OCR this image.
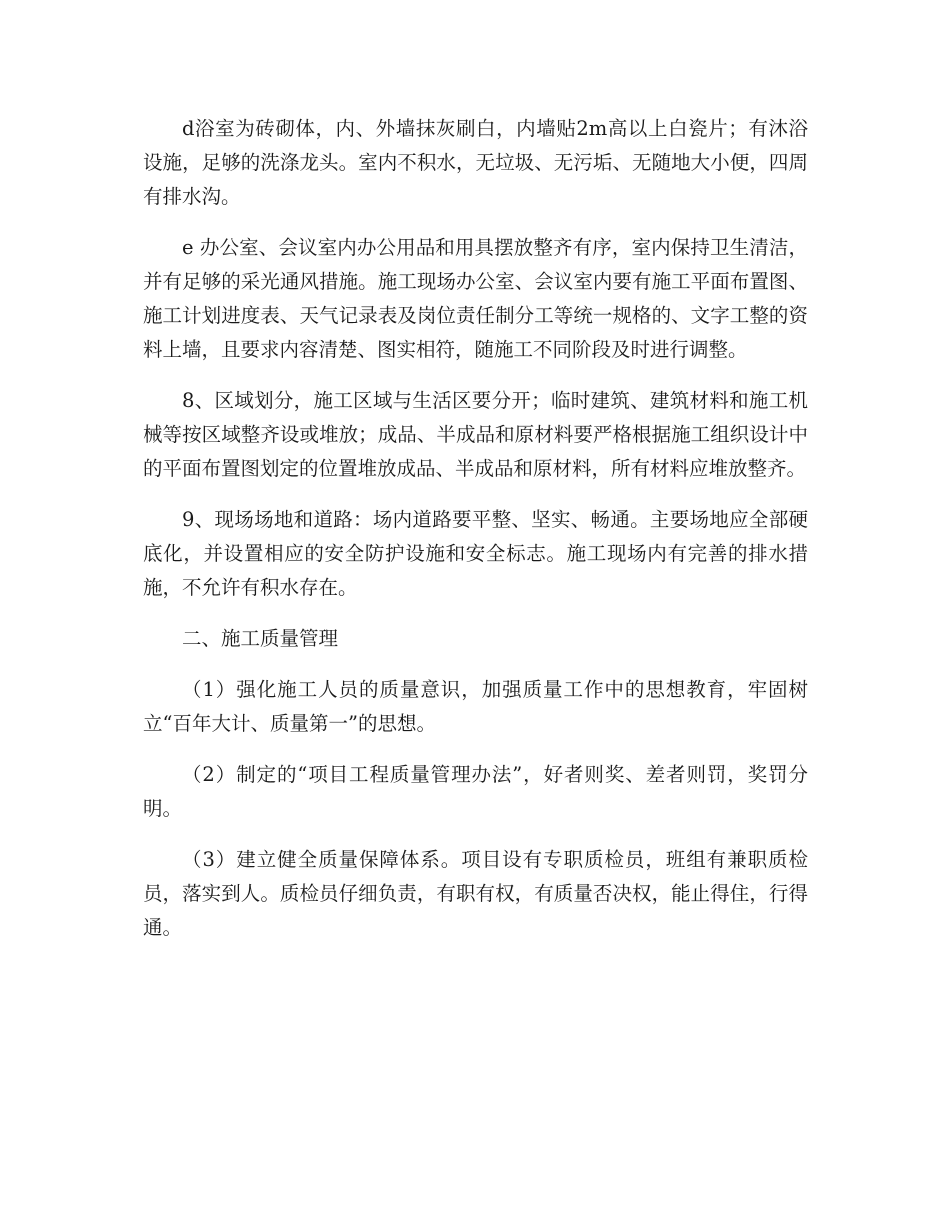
d浴室为砖砌体，内、外墙抹灰刷白，内墙贴2m高以上白瓷片；有沐浴设施，足够的洗涤龙头。室内不积水，无垃圾、无污垢、无随地大小便，四周有排水沟。

e 办公室、会议室内办公用品和用具摆放整齐有序，室内保持卫生清洁，并有足够的采光通风措施。施工现场办公室、会议室内要有施工平面布置图、施工计划进度表、天气记录表及岗位责任制分工等统一规格的、文字工整的资料上墙，且要求内容清楚、图实相符，随施工不同阶段及时进行调整。

8、区域划分，施工区域与生活区要分开；临时建筑、建筑材料和施工机械等按区域整齐设或堆放；成品、半成品和原材料要严格根据施工组织设计中的平面布置图划定的位置堆放成品、半成品和原材料，所有材料应堆放整齐。

9、现场场地和道路：场内道路要平整、坚实、畅通。主要场地应全部硬底化，并设置相应的安全防护设施和安全标志。施工现场内有完善的排水措施，不允许有积水存在。

二、施工质量管理

（1）强化施工人员的质量意识，加强质量工作中的思想教育，牢固树立“百年大计、质量第一”的思想。

（2）制定的“项目工程质量管理办法”，好者则奖、差者则罚，奖罚分明。

（3）建立健全质量保障体系。项目设有专职质检员，班组有兼职质检员，落实到人。质检员仔细负责，有职有权，有质量否决权，能止得住，行得通。
